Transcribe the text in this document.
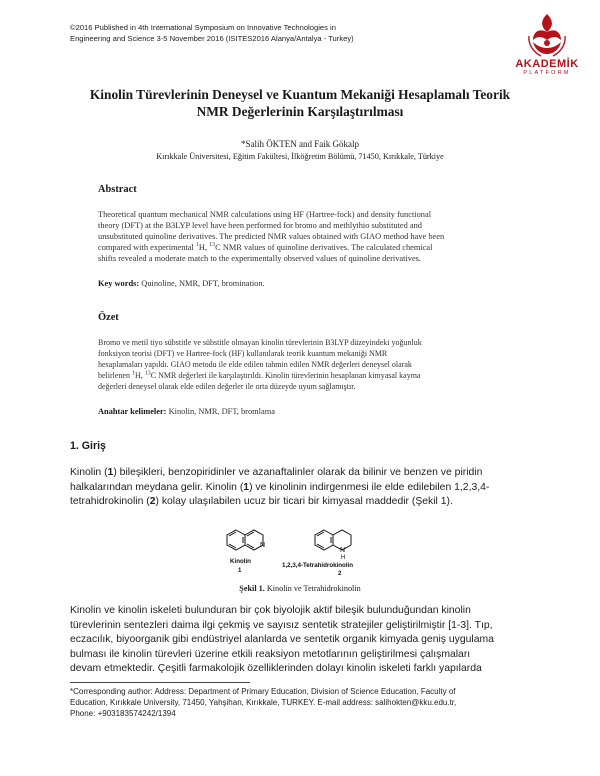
©2016 Published in 4th International Symposium on Innovative Technologies in
Engineering and Science 3-5 November 2016 (ISITES2016 Alanya/Antalya - Turkey)
AKADEMİK
PLATFORM
Kinolin Türevlerinin Deneysel ve Kuantum Mekaniği Hesaplamalı Teorik
NMR Değerlerinin Karşılaştırılması
*Salih ÖKTEN and Faik Gökalp
Kırıkkale Üniversitesi, Eğitim Fakültesi, İlköğretim Bölümü, 71450, Kırıkkale, Türkiye
Abstract
Theoretical quantum mechanical NMR calculations using HF (Hartree-fock) and density functional
theory (DFT) at the B3LYP level have been performed for bromo and methlythio substituted and
unsubstituted quinoline derivatives. The predicted NMR values obtained with GIAO method have been
compared with experimental $^1$H, $^{13}$C NMR values of quinoline derivatives. The calculated chemical
shifts revealed a moderate match to the experimentally observed values of quinoline derivatives.
Key words: Quinoline, NMR, DFT, bromination.
Özet
Bromo ve metil tiyo sübstitle ve sübstitle olmayan kinolin türevlerinin B3LYP düzeyindeki yoğunluk
fonksiyon teorisi (DFT) ve Hartree-fock (HF) kullanılarak teorik kuantum mekaniği NMR
hesaplamaları yapıldı. GIAO metodu ile elde edilen tahmin edilen NMR değerleri deneysel olarak
belirlenen $^1$H, $^{13}$C NMR değerleri ile karşılaştırıldı. Kinolin türevlerinin hesaplanan kimyasal kayma
değerleri deneysel olarak elde edilen değerler ile orta düzeyde uyum sağlamıştır.
Anahtar kelimeler: Kinolin, NMR, DFT, bromlama
1. Giriş
Kinolin (1) bileşikleri, benzopiridinler ve azanaftalinler olarak da bilinir ve benzen ve piridin
halkalarından meydana gelir. Kinolin (1) ve kinolinin indirgenmesi ile elde edilebilen 1,2,3,4-
tetrahidrokinolin (2) kolay ulaşılabilen ucuz bir ticari bir kimyasal maddedir (Şekil 1).
N
Kinolin
1
N
H
1,2,3,4-Tetrahidrokinolin
2
Şekil 1. Kinolin ve Tetrahidrokinolin
Kinolin ve kinolin iskeleti bulunduran bir çok biyolojik aktif bileşik bulunduğundan kinolin
türevlerinin sentezleri daima ilgi çekmiş ve sayısız sentetik stratejiler geliştirilmiştir [1-3]. Tıp,
eczacılık, biyoorganik gibi endüstriyel alanlarda ve sentetik organik kimyada geniş uygulama
bulması ile kinolin türevleri üzerine etkili reaksiyon metotlarının geliştirilmesi çalışmaları
devam etmektedir. Çeşitli farmakolojik özelliklerinden dolayı kinolin iskeleti farklı yapılarda
*Corresponding author: Address: Department of Primary Education, Division of Science Education, Faculty of
Education, Kırıkkale University, 71450, Yahşihan, Kırıkkale, TURKEY. E-mail address: salihokten@kku.edu.tr,
Phone: +903183574242/1394
